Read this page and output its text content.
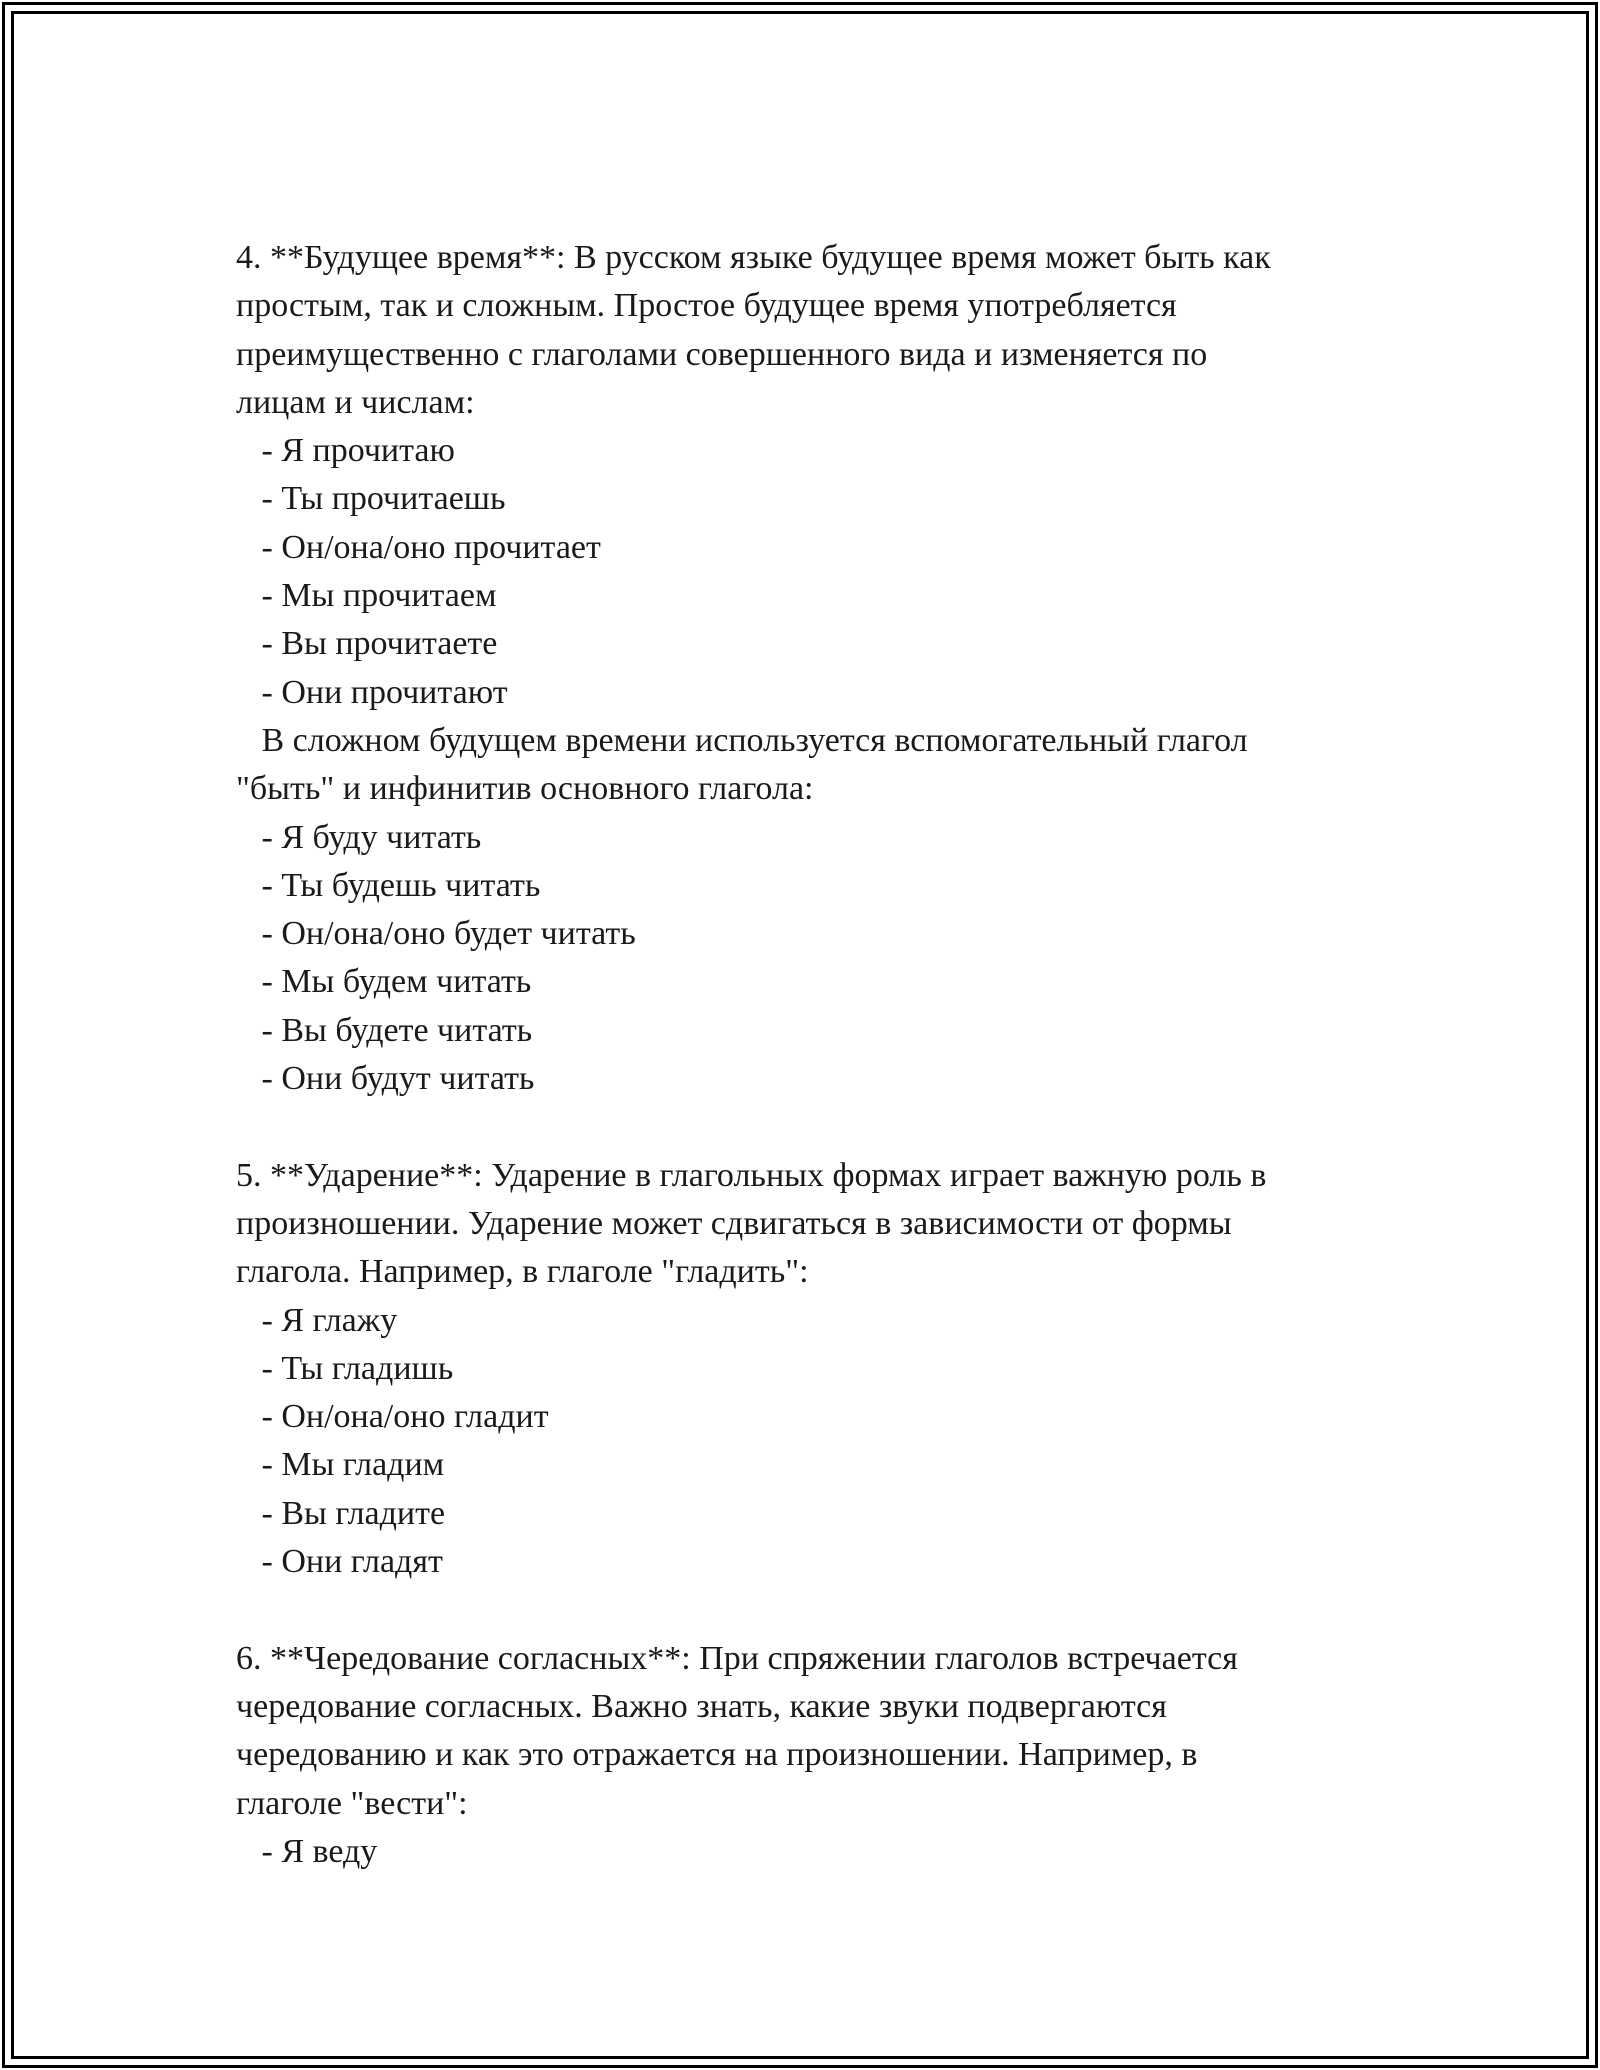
4. **Будущее время**: В русском языке будущее время может быть как
простым, так и сложным. Простое будущее время употребляется
преимущественно с глаголами совершенного вида и изменяется по
лицам и числам:
- Я прочитаю
- Ты прочитаешь
- Он/она/оно прочитает
- Мы прочитаем
- Вы прочитаете
- Они прочитают
В сложном будущем времени используется вспомогательный глагол
"быть" и инфинитив основного глагола:
- Я буду читать
- Ты будешь читать
- Он/она/оно будет читать
- Мы будем читать
- Вы будете читать
- Они будут читать
5. **Ударение**: Ударение в глагольных формах играет важную роль в
произношении. Ударение может сдвигаться в зависимости от формы
глагола. Например, в глаголе "гладить":
- Я глажу
- Ты гладишь
- Он/она/оно гладит
- Мы гладим
- Вы гладите
- Они гладят
6. **Чередование согласных**: При спряжении глаголов встречается
чередование согласных. Важно знать, какие звуки подвергаются
чередованию и как это отражается на произношении. Например, в
глаголе "вести":
- Я веду
